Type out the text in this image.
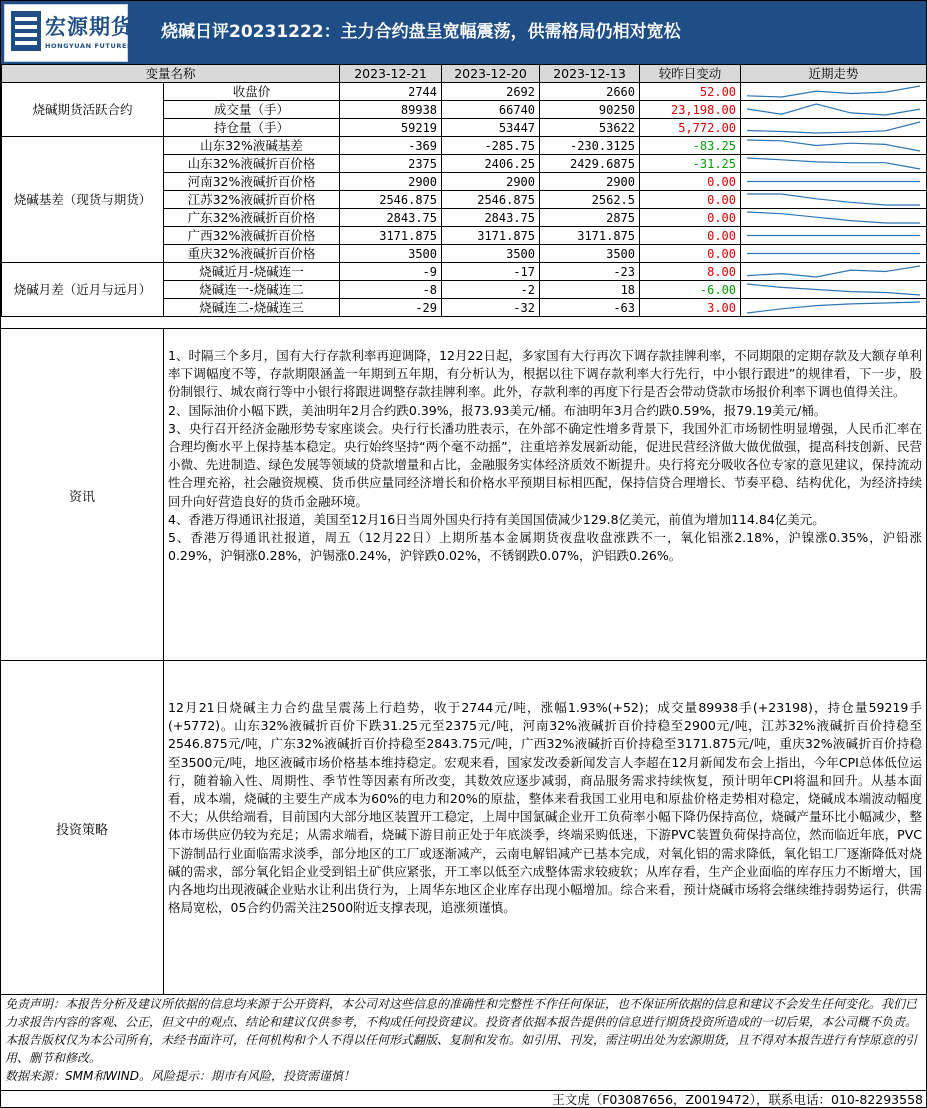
宏源期货
HONGYUAN FUTURES
烧碱日评20231222：主力合约盘呈宽幅震荡，供需格局仍相对宽松
变量名称		2023-12-21	2023-12-20	2023-12-13	较昨日变动	近期走势
烧碱期货活跃合约	收盘价	2744	2692	2660	52.00	

	成交量（手）	89938	66740	90250	23,198.00	

	持仓量（手）	59219	53447	53622	5,772.00	

烧碱基差（现货与期货）	山东32%液碱基差	-369	-285.75	-230.3125	-83.25	

	山东32%液碱折百价格	2375	2406.25	2429.6875	-31.25	

	河南32%液碱折百价格	2900	2900	2900	0.00	

	江苏32%液碱折百价格	2546.875	2546.875	2562.5	0.00	

	广东32%液碱折百价格	2843.75	2843.75	2875	0.00	

	广西32%液碱折百价格	3171.875	3171.875	3171.875	0.00	

	重庆32%液碱折百价格	3500	3500	3500	0.00	

烧碱月差（近月与远月）	烧碱近月-烧碱连一	-9	-17	-23	8.00	

	烧碱连一-烧碱连二	-8	-2	18	-6.00	

	烧碱连二-烧碱连三	-29	-32	-63	3.00	
资讯

1、时隔三个多月，国有大行存款利率再迎调降，12月22日起，多家国有大行再次下调存款挂牌利率，不同期限的定期存款及大额存单利率下调幅度不等，存款期限涵盖一年期到五年期，有分析认为，根据以往下调存款利率大行先行，中小银行跟进”的规律看，下一步，股份制银行、城农商行等中小银行将跟进调整存款挂牌利率。此外，存款利率的再度下行是否会带动贷款市场报价利率下调也值得关注。

2、国际油价小幅下跌，美油明年2月合约跌0.39%，报73.93美元/桶。布油明年3月合约跌0.59%，报79.19美元/桶。

3、央行召开经济金融形势专家座谈会。央行行长潘功胜表示，在外部不确定性增多背景下，我国外汇市场韧性明显增强，人民币汇率在合理均衡水平上保持基本稳定。央行始终坚持“两个毫不动摇”，注重培养发展新动能，促进民营经济做大做优做强，提高科技创新、民营小微、先进制造、绿色发展等领域的贷款增量和占比，金融服务实体经济质效不断提升。央行将充分吸收各位专家的意见建议，保持流动性合理充裕，社会融资规模、货币供应量同经济增长和价格水平预期目标相匹配，保持信贷合理增长、节奏平稳、结构优化，为经济持续回升向好营造良好的货币金融环境。

4、香港万得通讯社报道，美国至12月16日当周外国央行持有美国国债减少129.8亿美元，前值为增加114.84亿美元。

5、香港万得通讯社报道，周五（12月22日）上期所基本金属期货夜盘收盘涨跌不一，氧化铝涨2.18%，沪镍涨0.35%，沪铅涨0.29%，沪铜涨0.28%，沪锡涨0.24%，沪锌跌0.02%，不锈钢跌0.07%，沪铝跌0.26%。

投资策略

12月21日烧碱主力合约盘呈震荡上行趋势，收于2744元/吨，涨幅1.93%(+52)；成交量89938手(+23198)，持仓量59219手(+5772)。山东32%液碱折百价下跌31.25元至2375元/吨，河南32%液碱折百价持稳至2900元/吨，江苏32%液碱折百价持稳至2546.875元/吨，广东32%液碱折百价持稳至2843.75元/吨，广西32%液碱折百价持稳至3171.875元/吨，重庆32%液碱折百价持稳至3500元/吨，地区液碱市场价格基本维持稳定。宏观来看，国家发改委新闻发言人李超在12月新闻发布会上指出，今年CPI总体低位运行，随着输入性、周期性、季节性等因素有所改变，其数效应逐步减弱，商品服务需求持续恢复，预计明年CPI将温和回升。从基本面看，成本端，烧碱的主要生产成本为60%的电力和20%的原盐，整体来看我国工业用电和原盐价格走势相对稳定，烧碱成本端波动幅度不大；从供给端看，目前国内大部分地区装置开工稳定，上周中国氯碱企业开工负荷率小幅下降仍保持高位，烧碱产量环比小幅减少，整体市场供应仍较为充足；从需求端看，烧碱下游目前正处于年底淡季，终端采购低迷，下游PVC装置负荷保持高位，然而临近年底，PVC下游制品行业面临需求淡季，部分地区的工厂或逐渐减产，云南电解铝减产已基本完成，对氧化铝的需求降低，氧化铝工厂逐渐降低对烧碱的需求，部分氧化铝企业受到铝土矿供应紧张，开工率以低至六成整体需求较疲软；从库存看，生产企业面临的库存压力不断增大，国内各地均出现液碱企业贴水让利出货行为，上周华东地区企业库存出现小幅增加。综合来看，预计烧碱市场将会继续维持弱势运行，供需格局宽松，05合约仍需关注2500附近支撑表现，追涨须谨慎。

免责声明：本报告分析及建议所依据的信息均来源于公开资料，本公司对这些信息的准确性和完整性不作任何保证，也不保证所依据的信息和建议不会发生任何变化。我们已力求报告内容的客观、公正，但文中的观点、结论和建议仅供参考，不构成任何投资建议。投资者依据本报告提供的信息进行期货投资所造成的一切后果，本公司概不负责。本报告版权仅为本公司所有，未经书面许可，任何机构和个人不得以任何形式翻版、复制和发布。如引用、刊发，需注明出处为宏源期货，且不得对本报告进行有悖原意的引用、删节和修改。

数据来源：SMM和WIND。风险提示：期市有风险，投资需谨慎！

王文虎（F03087656，Z0019472），联系电话：010-82293558
